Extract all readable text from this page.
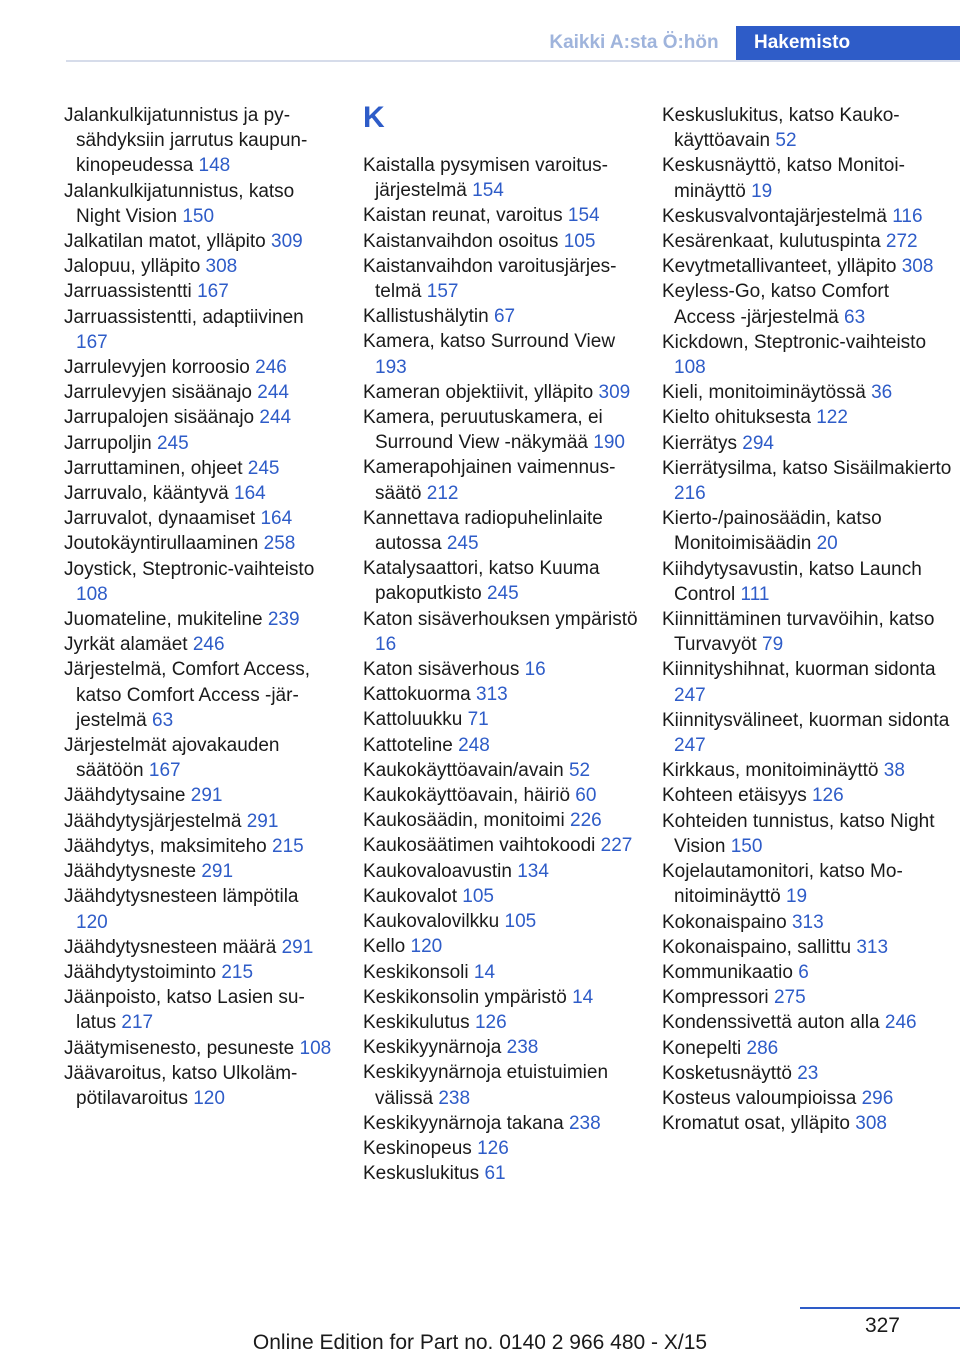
Kaikki A:sta Ö:hön	Hakemisto
Jalankulkijatunnistus ja pysähdyksiin jarrutus kaupunkinopeudessa 148
Jalankulkijatunnistus, katso Night Vision 150
Jalkatilan matot, ylläpito 309
Jalopuu, ylläpito 308
Jarruassistentti 167
Jarruassistentti, adaptiivinen 167
Jarrulevyjen korroosio 246
Jarrulevyjen sisäänajo 244
Jarrupalojen sisäänajo 244
Jarrupoljin 245
Jarruttaminen, ohjeet 245
Jarruvalo, kääntyvä 164
Jarruvalot, dynaamiset 164
Joutokäyntirullaaminen 258
Joystick, Steptronic-vaihteisto 108
Juomateline, mukiteline 239
Jyrkät alamäet 246
Järjestelmä, Comfort Access, katso Comfort Access -järjestelmä 63
Järjestelmät ajovakauden säätöön 167
Jäähdytysaine 291
Jäähdytysjärjestelmä 291
Jäähdytys, maksimiteho 215
Jäähdytysneste 291
Jäähdytysnesteen lämpötila 120
Jäähdytysnesteen määrä 291
Jäähdytystoiminto 215
Jäänpoisto, katso Lasien sulatus 217
Jäätymisenesto, pesuneste 108
Jäävaroitus, katso Ulkolämpötilavaroitus 120
K
Kaistalla pysymisen varoitusjärjestelmä 154
Kaistan reunat, varoitus 154
Kaistanvaihdon osoitus 105
Kaistanvaihdon varoitusjärjestelmä 157
Kallistushälytin 67
Kamera, katso Surround View 193
Kameran objektiivit, ylläpito 309
Kamera, peruutuskamera, ei Surround View -näkymää 190
Kamerapohjainen vaimennussäätö 212
Kannettava radiopuhelinlaite autossa 245
Katalysaattori, katso Kuuma pakoputkisto 245
Katon sisäverhouksen ympäristö 16
Katon sisäverhous 16
Kattokuorma 313
Kattoluukku 71
Kattoteline 248
Kaukokäyttöavain/avain 52
Kaukokäyttöavain, häiriö 60
Kaukosäädin, monitoimi 226
Kaukosäätimen vaihtokoodi 227
Kaukovaloavustin 134
Kaukovalot 105
Kaukovalovilkku 105
Kello 120
Keskikonsoli 14
Keskikonsolin ympäristö 14
Keskikulutus 126
Keskikyynärnoja 238
Keskikyynärnoja etuistuimien välissä 238
Keskikyynärnoja takana 238
Keskinopeus 126
Keskuslukitus 61
Keskuslukitus, katso Kaukokäyttöavain 52
Keskusnäyttö, katso Monitoiminäyttö 19
Keskusvalvontajärjestelmä 116
Kesärenkaat, kulutuspinta 272
Kevytmetallivanteet, ylläpito 308
Keyless-Go, katso Comfort Access -järjestelmä 63
Kickdown, Steptronic-vaihteisto 108
Kieli, monitoiminäytössä 36
Kielto ohituksesta 122
Kierrätys 294
Kierrätysilma, katso Sisäilmakierto 216
Kierto-/painosäädin, katso Monitoimisäädin 20
Kiihdytysavustin, katso Launch Control 111
Kiinnittäminen turvavöihin, katso Turvavyöt 79
Kiinnityshihnat, kuorman sidonta 247
Kiinnitysvälineet, kuorman sidonta 247
Kirkkaus, monitoiminäyttö 38
Kohteen etäisyys 126
Kohteiden tunnistus, katso Night Vision 150
Kojelautamonitori, katso Monitoiminäyttö 19
Kokonaispaino 313
Kokonaispaino, sallittu 313
Kommunikaatio 6
Kompressori 275
Kondenssivettä auton alla 246
Konepelti 286
Kosketusnäyttö 23
Kosteus valoumpioissa 296
Kromatut osat, ylläpito 308
327
Online Edition for Part no. 0140 2 966 480 - X/15
